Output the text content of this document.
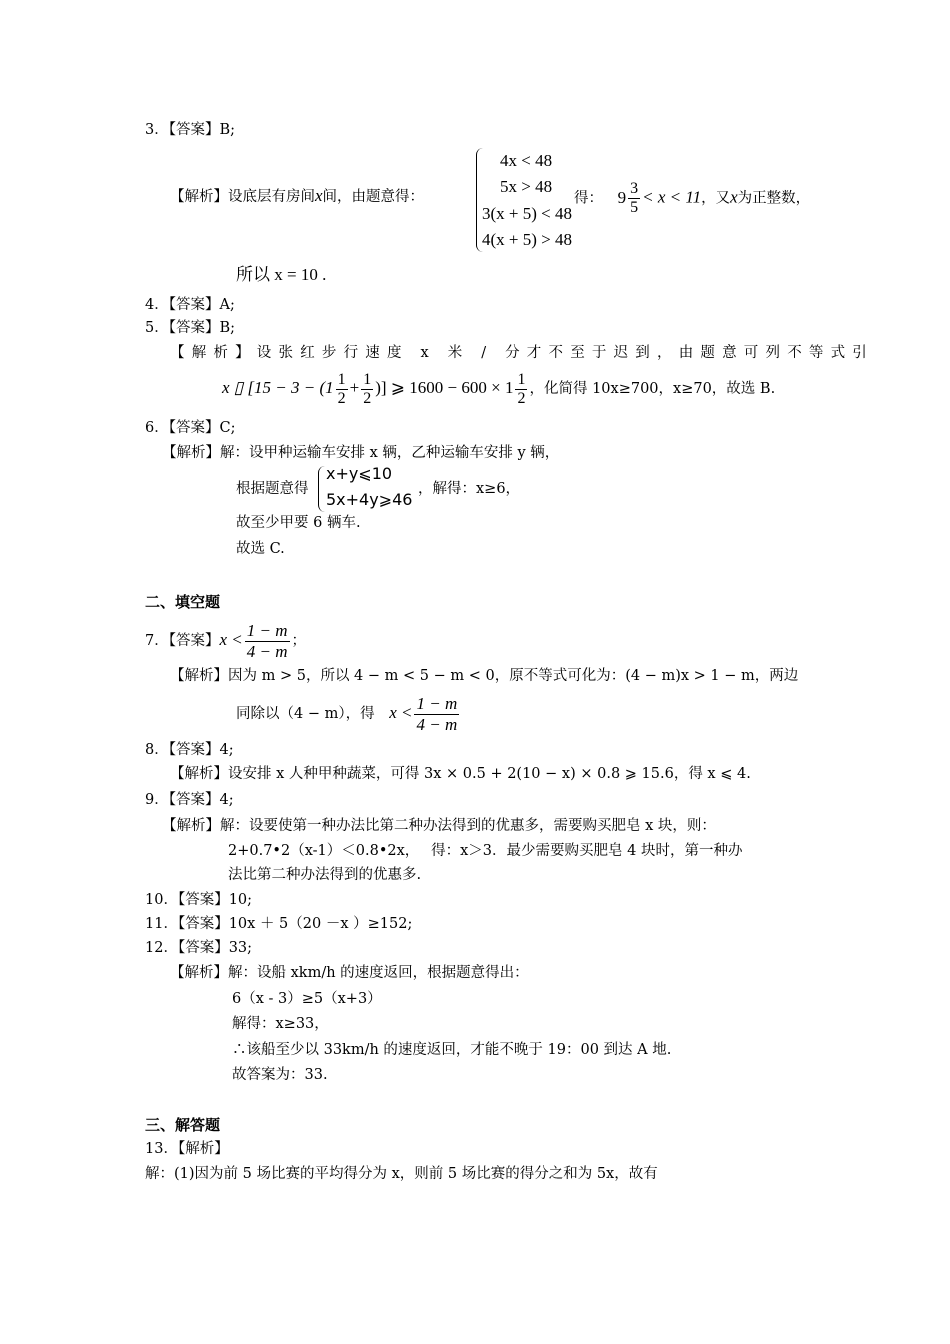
3．【答案】B;
【解析】设底层有房间x间，由题意得：
4x < 48
5x > 48
3(x + 5) < 48
4(x + 5) > 48
得： $9 \frac{3}{5} < x < 11$，又x为正整数，
所以 x = 10 .
4．【答案】A;
5．【答案】B;
【解析】设张红步行速度 x 米 / 分才不至于迟到，由题意可列不等式引
x ▯ [$15 - 3 - (1 \frac{1}{2} + \frac{1}{2}$ )] ⩾ $1600 - 600 \times 1 \frac{1}{2}$ ，化简得 10x≥700，x≥70，故选 B.
6．【答案】C;
【解析】解：设甲种运输车安排 x 辆，乙种运输车安排 y 辆，
根据题意得
x+y⩽10
5x+4y⩾46
，解得：x≥6，
故至少甲要 6 辆车.
故选 C.
二、填空题
7．【答案】$x < \frac{1 - m}{4 - m}$ ；
【解析】因为 m > 5，所以 4 − m < 5 − m < 0，原不等式可化为：(4 − m)x > 1 − m，两边
同除以（4 − m），得 $x < \frac{1 - m}{4 - m}$
8．【答案】4;
【解析】设安排 x 人种甲种蔬菜，可得 3x × 0.5 + 2(10 − x) × 0.8 ⩾ 15.6，得 x ⩽ 4.
9．【答案】4;
【解析】解：设要使第一种办法比第二种办法得到的优惠多，需要购买肥皂 x 块，则：
2+0.7•2（x-1）＜0.8•2x，　 得：x＞3．最少需要购买肥皂 4 块时，第一种办
法比第二种办法得到的优惠多.
10．【答案】10;
11．【答案】10x ＋ 5（20 －x ）≥152;
12．【答案】33;
【解析】解：设船 xkm/h 的速度返回，根据题意得出：
6（x - 3）≥5（x+3）
解得：x≥33，
∴该船至少以 33km/h 的速度返回，才能不晚于 19：00 到达 A 地.
故答案为：33.
三、解答题
13．【解析】
解：(1)因为前 5 场比赛的平均得分为 x，则前 5 场比赛的得分之和为 5x，故有
